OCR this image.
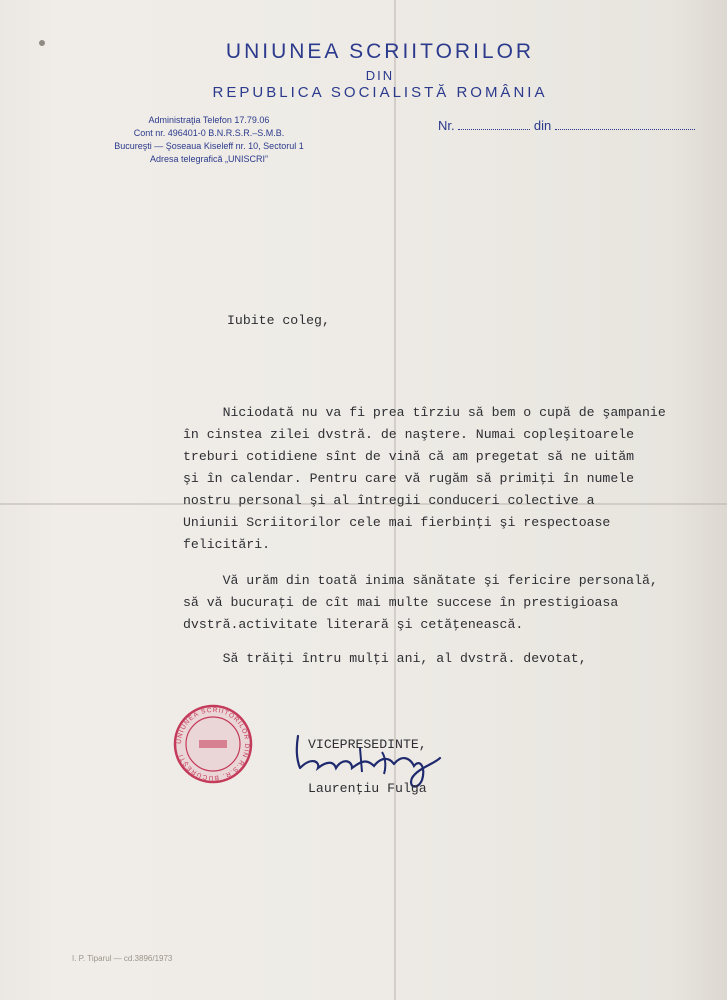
UNIUNEA SCRIITORILOR
DIN
REPUBLICA SOCIALISTĂ ROMÂNIA
Administraţia Telefon 17.79.06
Cont nr. 496401-0 B.N.R.S.R.–S.M.B.
Bucureşti — Şoseaua Kiseleff nr. 10, Sectorul 1
Adresa telegrafică „UNISCRI”
Nr.	din
Iubite coleg,
Niciodată nu va fi prea tîrziu să bem o cupă de şampanie
în cinstea zilei dvstră. de naştere. Numai copleşitoarele
treburi cotidiene sînt de vină că am pregetat să ne uităm
şi în calendar. Pentru care vă rugăm să primiţi în numele
nostru personal şi al întregii conduceri colective a
Uniunii Scriitorilor cele mai fierbinţi şi respectoase
felicitări.
Vă urăm din toată inima sănătate şi fericire personală,
să vă bucuraţi de cît mai multe succese în prestigioasa
dvstră.activitate literară şi cetăţenească.
Să trăiţi întru mulţi ani, al dvstră. devotat,
UNIUNEA SCRIITORILOR DIN R.S.R. BUCUREŞTI
VICEPRESEDINTE,
Laurenţiu Fulga
I. P. Tiparul — cd.3896/1973
